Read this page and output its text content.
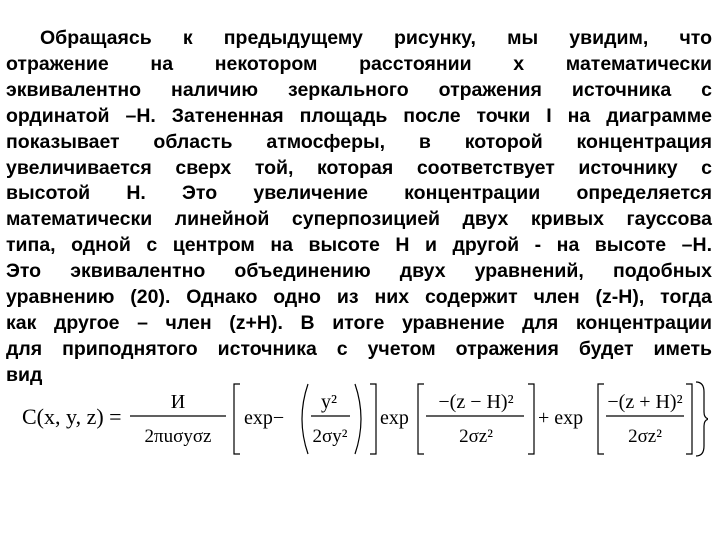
Обращаясь к предыдущему рисунку, мы увидим, что
отражение на некотором расстоянии x математически
эквивалентно наличию зеркального отражения источника с
ординатой –H. Затененная площадь после точки I на диаграмме
показывает область атмосферы, в которой концентрация
увеличивается сверх той, которая соответствует источнику с
высотой H. Это увеличение концентрации определяется
математически линейной суперпозицией двух кривых гауссова
типа, одной с центром на высоте H и другой - на высоте –H.
Это эквивалентно объединению двух уравнений, подобных
уравнению (20). Однако одно из них содержит член (z-H), тогда
как другое – член (z+H). В итоге уравнение для концентрации
для приподнятого источника с учетом отражения будет иметь
вид
C(x, y, z) =
И
2πuσyσz
exp−
y²
2σy²
exp
−(z − H)²
2σz²
+ exp
−(z + H)²
2σz²
